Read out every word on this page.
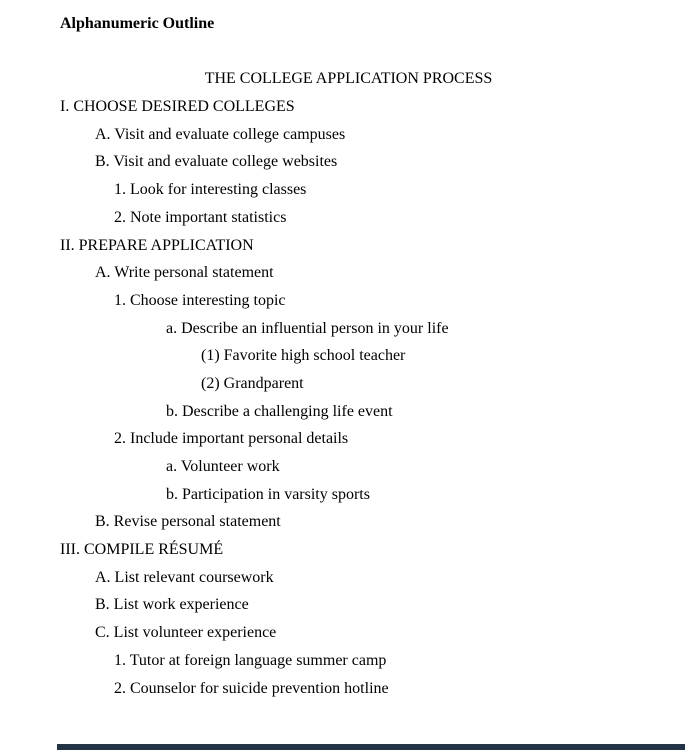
Alphanumeric Outline
THE COLLEGE APPLICATION PROCESS
I. CHOOSE DESIRED COLLEGES
A. Visit and evaluate college campuses
B. Visit and evaluate college websites
1. Look for interesting classes
2. Note important statistics
II. PREPARE APPLICATION
A. Write personal statement
1. Choose interesting topic
a. Describe an influential person in your life
(1) Favorite high school teacher
(2) Grandparent
b. Describe a challenging life event
2. Include important personal details
a. Volunteer work
b. Participation in varsity sports
B. Revise personal statement
III. COMPILE RÉSUMÉ
A. List relevant coursework
B. List work experience
C. List volunteer experience
1. Tutor at foreign language summer camp
2. Counselor for suicide prevention hotline
